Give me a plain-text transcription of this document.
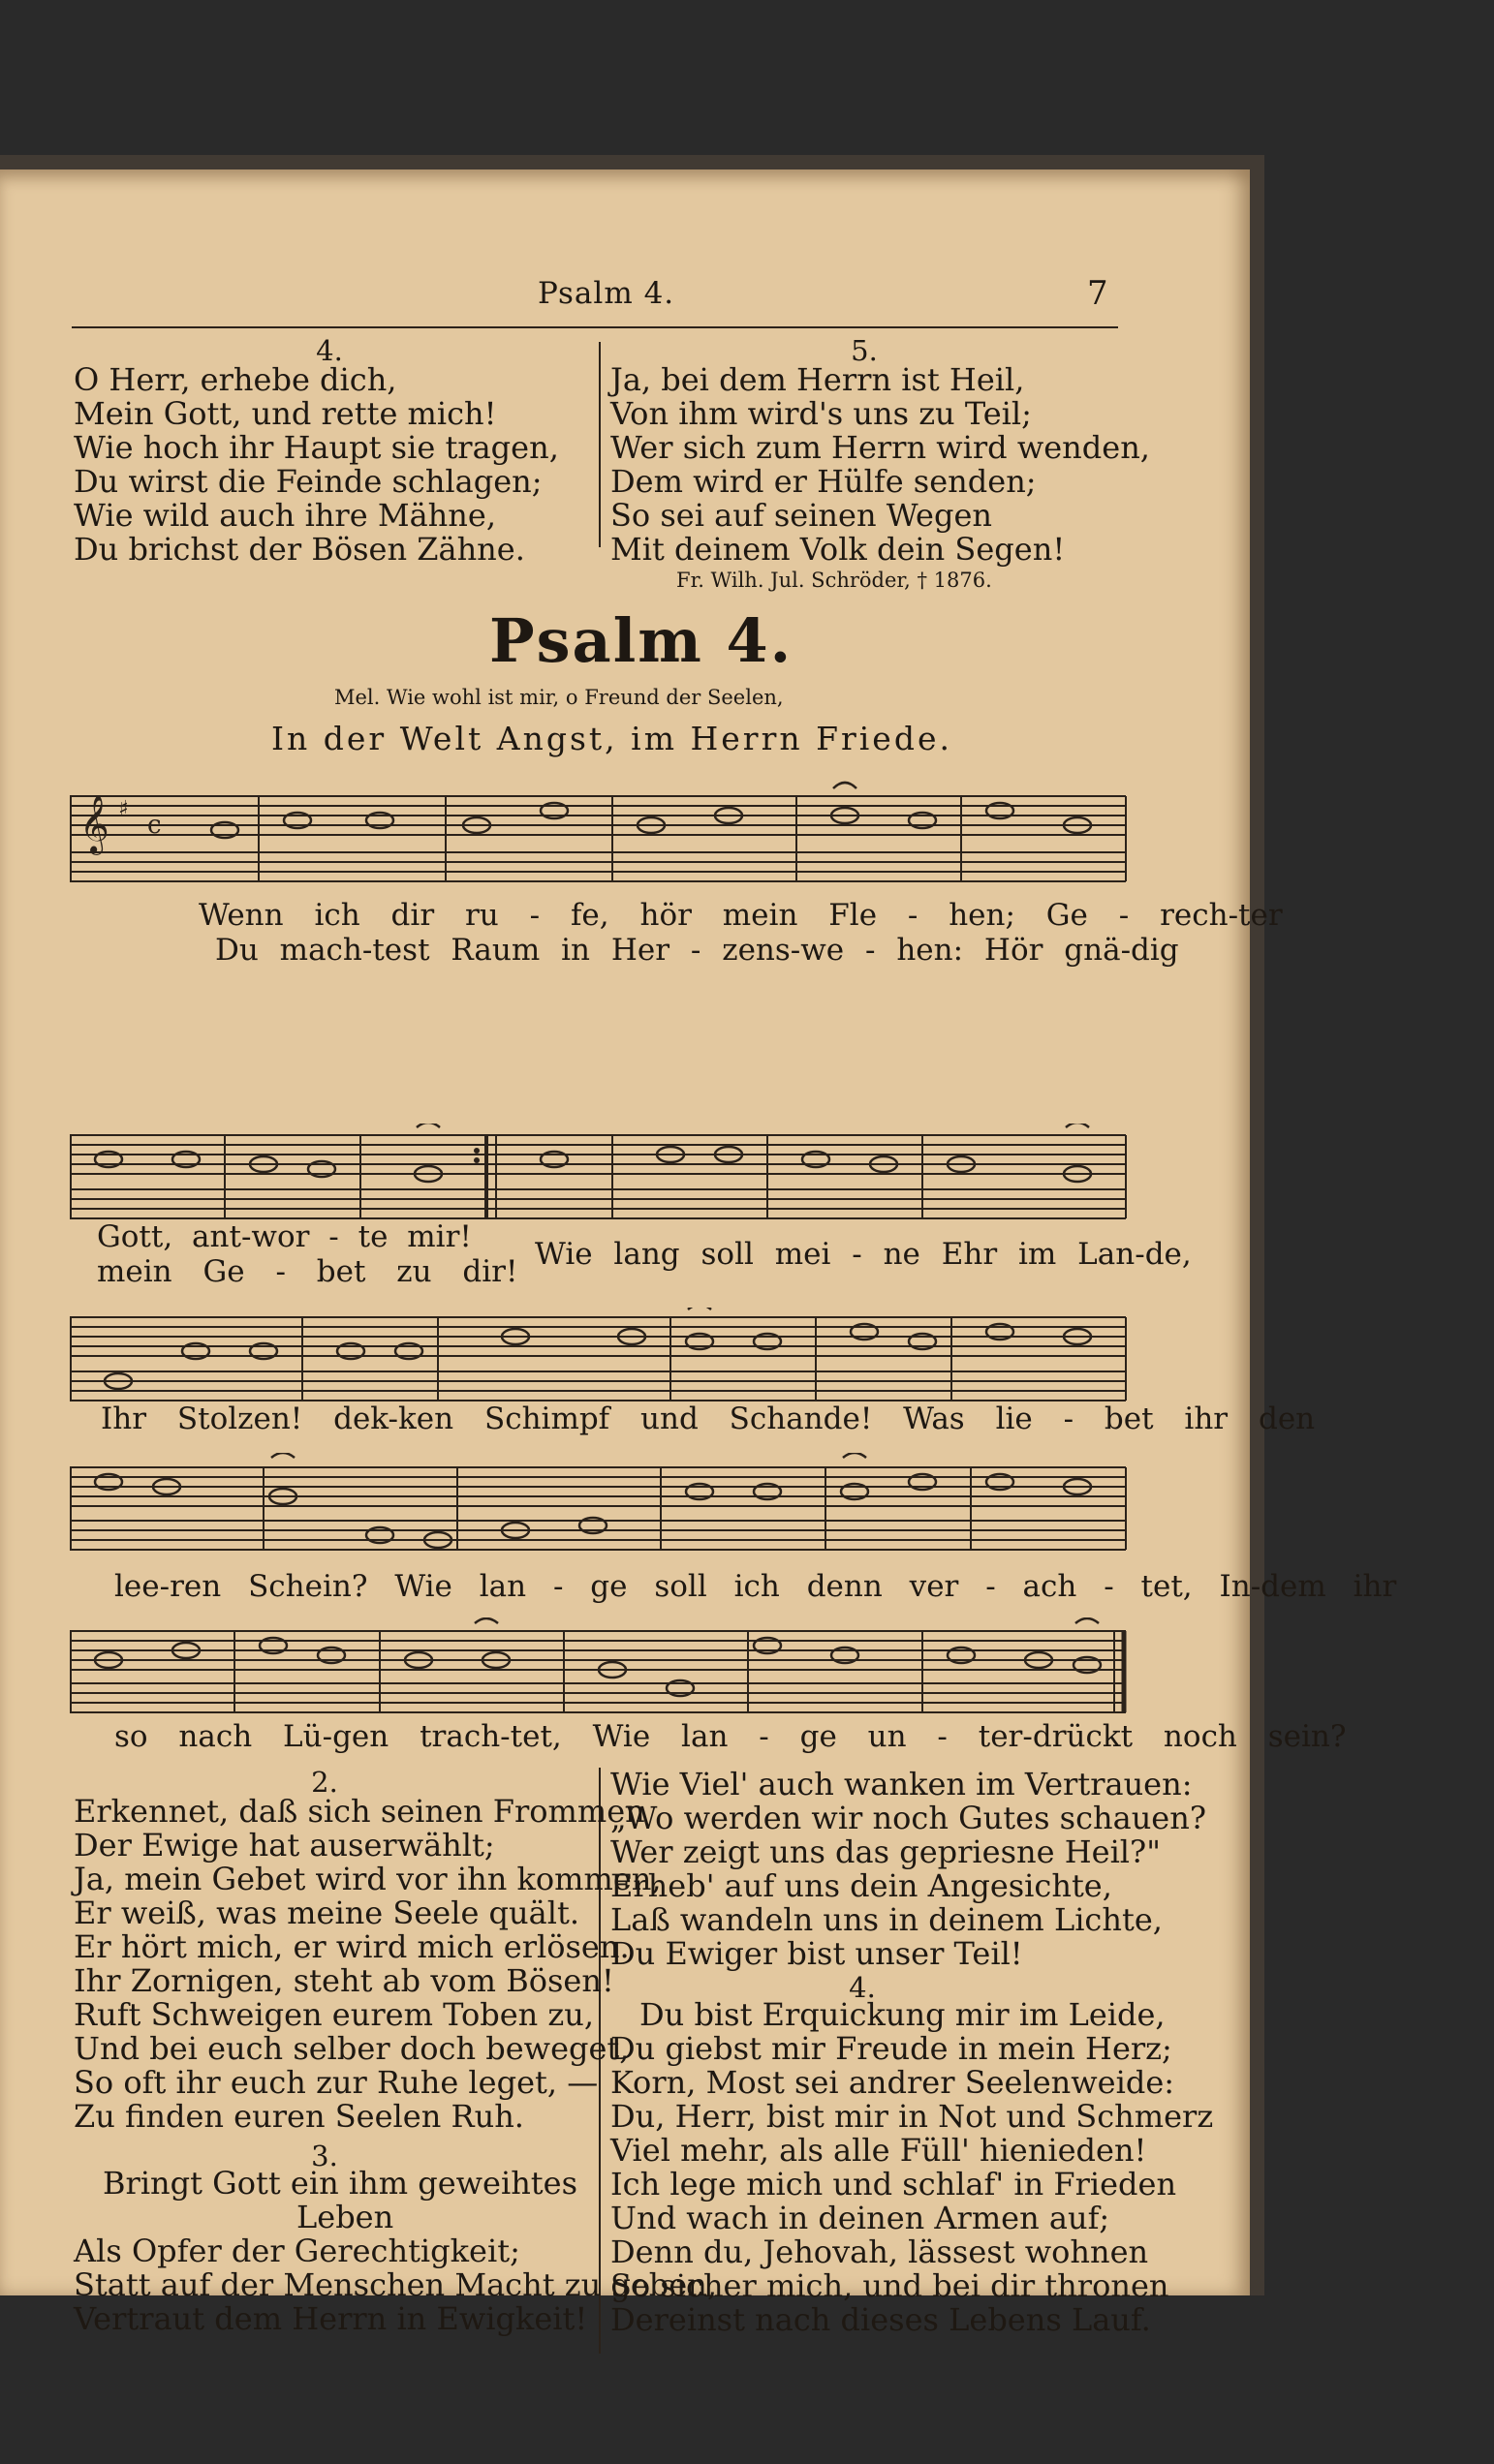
Psalm 4.	7
4.

O Herr, erhebe dich,

Mein Gott, und rette mich!

Wie hoch ihr Haupt sie tragen,

Du wirst die Feinde schlagen;

Wie wild auch ihre Mähne,

Du brichst der Bösen Zähne.

5.

Ja, bei dem Herrn ist Heil,

Von ihm wird's uns zu Teil;

Wer sich zum Herrn wird wenden,

Dem wird er Hülfe senden;

So sei auf seinen Wegen

Mit deinem Volk dein Segen!

Fr. Wilh. Jul. Schröder, † 1876.
Psalm 4.
Mel. Wie wohl ist mir, o Freund der Seelen,
In der Welt Angst, im Herrn Friede.
𝄞 ♯
c
Wenn ich dir ru - fe, hör mein Fle - hen; Ge - rech-ter
Du mach-test Raum in Her - zens-we - hen: Hör gnä-dig
Gott, ant-wor - te mir!
mein Ge - bet zu dir! Wie lang soll mei - ne Ehr im Lan-de,
Ihr Stolzen! dek-ken Schimpf und Schande! Was lie - bet ihr den
lee-ren Schein? Wie lan - ge soll ich denn ver - ach - tet, In-dem ihr
so nach Lü-gen trach-tet, Wie lan - ge un - ter-drückt noch sein?
2.

Erkennet, daß sich seinen Frommen

Der Ewige hat auserwählt;

Ja, mein Gebet wird vor ihn kommen,

Er weiß, was meine Seele quält.

Er hört mich, er wird mich erlösen.

Ihr Zornigen, steht ab vom Bösen!

Ruft Schweigen eurem Toben zu,

Und bei euch selber doch beweget,

So oft ihr euch zur Ruhe leget, —

Zu finden euren Seelen Ruh.

3.

Bringt Gott ein ihm geweihtes

Leben

Als Opfer der Gerechtigkeit;

Statt auf der Menschen Macht zu geben,

Vertraut dem Herrn in Ewigkeit!

Wie Viel' auch wanken im Vertrauen:

„Wo werden wir noch Gutes schauen?

Wer zeigt uns das gepriesne Heil?"

Erheb' auf uns dein Angesichte,

Laß wandeln uns in deinem Lichte,

Du Ewiger bist unser Teil!

4.

Du bist Erquickung mir im Leide,

Du giebst mir Freude in mein Herz;

Korn, Most sei andrer Seelenweide:

Du, Herr, bist mir in Not und Schmerz

Viel mehr, als alle Füll' hienieden!

Ich lege mich und schlaf' in Frieden

Und wach in deinen Armen auf;

Denn du, Jehovah, lässest wohnen

So sicher mich, und bei dir thronen

Dereinst nach dieses Lebens Lauf.
